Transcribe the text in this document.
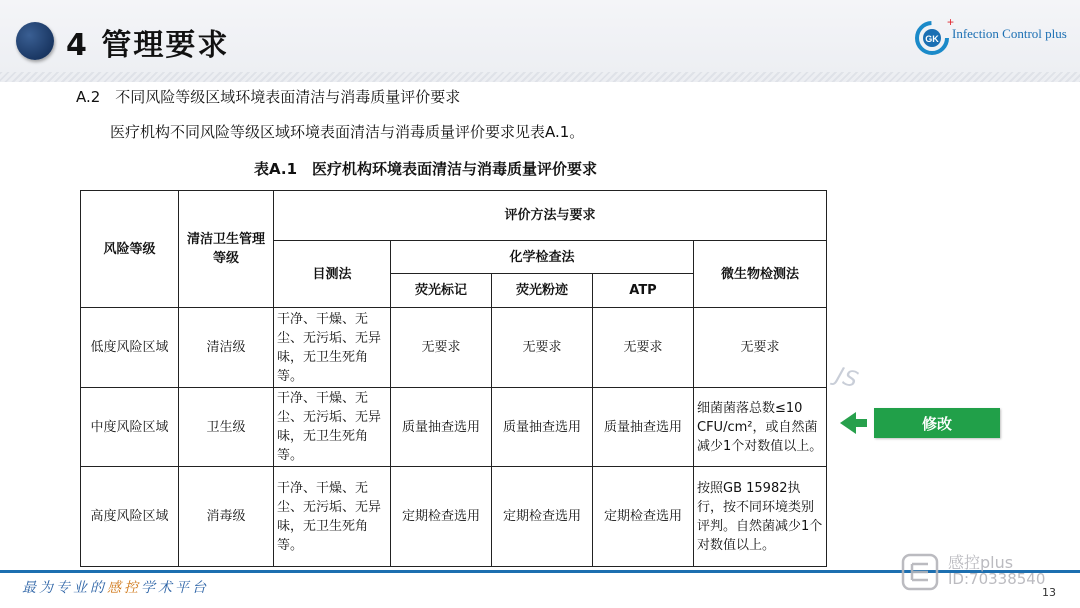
4 管理要求	GK
+
Infection Control plus
A.2　不同风险等级区域环境表面清洁与消毒质量评价要求

医疗机构不同风险等级区域环境表面清洁与消毒质量评价要求见表A.1。

表A.1　医疗机构环境表面清洁与消毒质量评价要求
风险等级	清洁卫生管理等级	评价方法与要求				
		目测法	化学检查法			微生物检测法
			荧光标记	荧光粉迹	ATP	
低度风险区域	清洁级	干净、干燥、无尘、无污垢、无异味，无卫生死角等。	无要求	无要求	无要求	无要求
中度风险区域	卫生级	干净、干燥、无尘、无污垢、无异味，无卫生死角等。	质量抽查选用	质量抽查选用	质量抽查选用	细菌菌落总数≤10 CFU/cm²，或自然菌减少1个对数值以上。
高度风险区域	消毒级	干净、干燥、无尘、无污垢、无异味，无卫生死角等。	定期检查选用	定期检查选用	定期检查选用	按照GB 15982执行，按不同环境类别评判。自然菌减少1个对数值以上。
JS
修改
最为专业的感控学术平台
感控plus
ID:70338540
13
